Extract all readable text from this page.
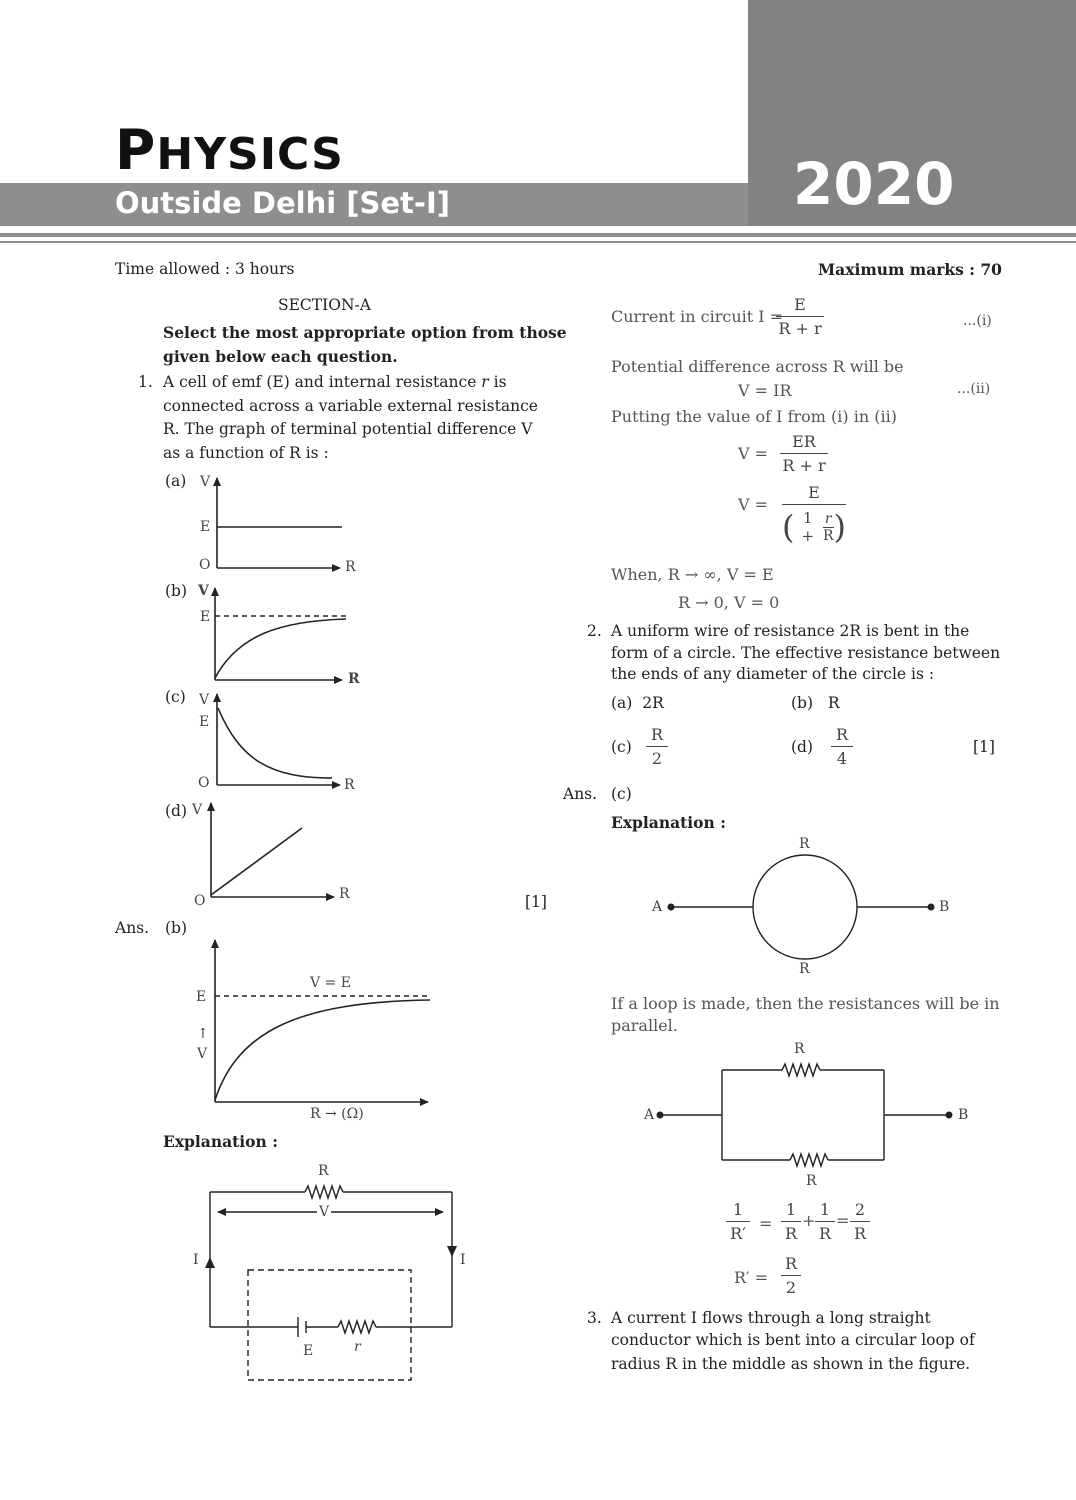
PHYSICS
Outside Delhi [Set-I]	2020
Time allowed : 3 hours	Maximum marks : 70
SECTION-A
Select the most appropriate option from those
given below each question.
1. A cell of emf (E) and internal resistance r is
connected across a variable external resistance
R. The graph of terminal potential difference V
as a function of R is :
(a)
(b)
(c)
(d)
[1]
V
E
O	R
V
E
R
V
E
O	R
V
O	R
Ans. (b)
V = E
E
↑
V
R → (Ω)
Explanation :
R
V
I	I
E	r
Current in circuit I =
E
R + r	...(i)
Potential difference across R will be
V = IR	...(ii)
Putting the value of I from (i) in (ii)
V =
ER
R + r
V =
E
( 1 +
r
R )
When, R → ∞, V = E
R → 0, V = 0
2. A uniform wire of resistance 2R is bent in the
form of a circle. The effective resistance between
the ends of any diameter of the circle is :
(a) 2R	(b) R
(c)
R
2
(d)
R
4
[1]
Ans. (c)
Explanation :
R
R
A	B
If a loop is made, then the resistances will be in
parallel.
R
R
A	B
1
R′
=
1
R
+
1
R
=
2
R
R′ =
R
2
3. A current I flows through a long straight
conductor which is bent into a circular loop of
radius R in the middle as shown in the figure.
